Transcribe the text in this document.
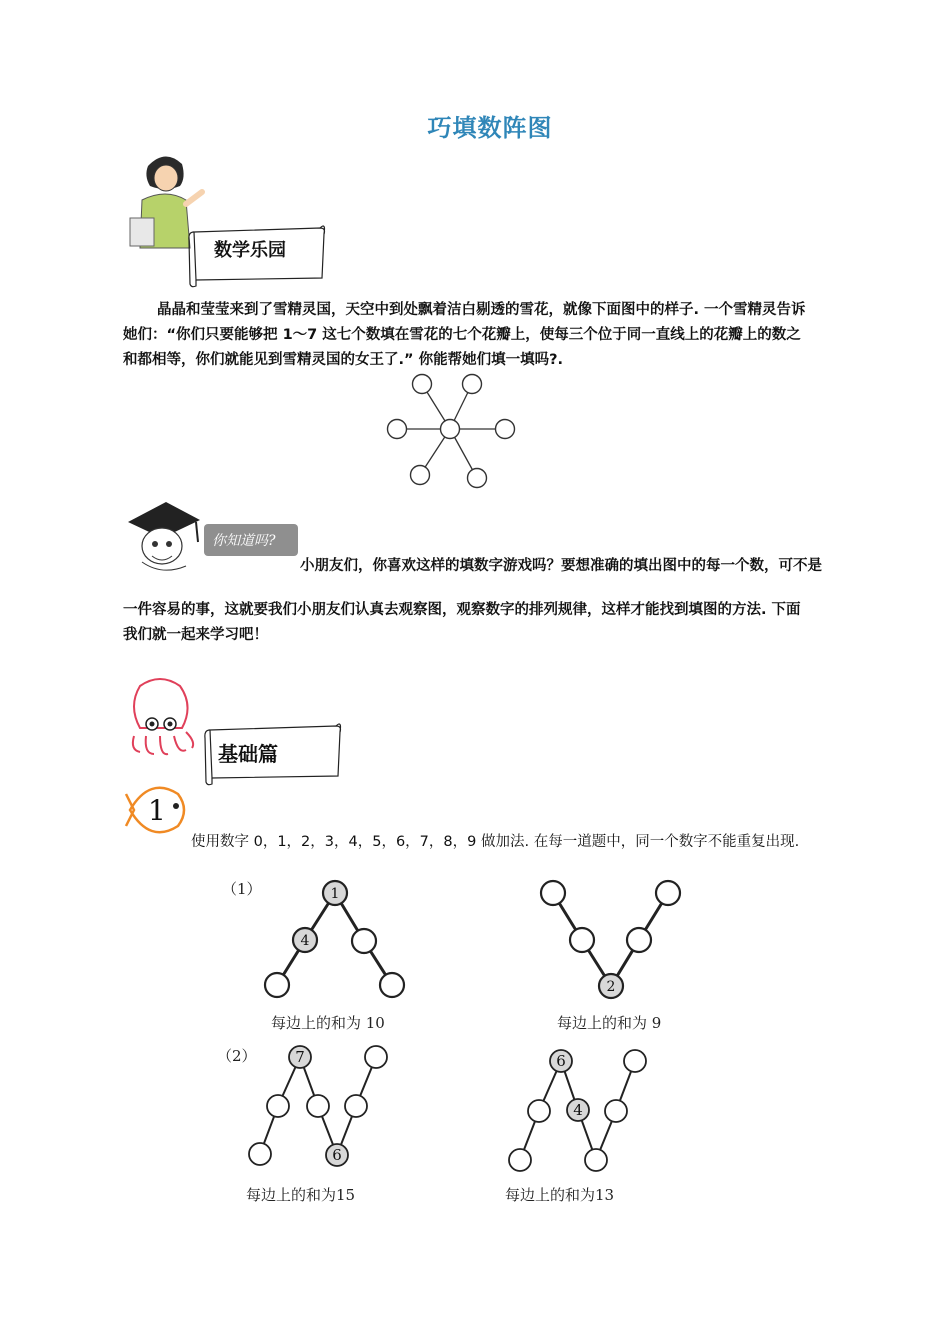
巧填数阵图
数学乐园
晶晶和莹莹来到了雪精灵国，天空中到处飘着洁白剔透的雪花，就像下面图中的样子. 一个雪精灵告诉
她们：“你们只要能够把 1～7 这七个数填在雪花的七个花瓣上，使每三个位于同一直线上的花瓣上的数之
和都相等，你们就能见到雪精灵国的女王了.” 你能帮她们填一填吗?.
你知道吗?
小朋友们，你喜欢这样的填数字游戏吗？要想准确的填出图中的每一个数，可不是
一件容易的事，这就要我们小朋友们认真去观察图，观察数字的排列规律，这样才能找到填图的方法. 下面
我们就一起来学习吧！
基础篇
1
使用数字 0，1，2，3，4，5，6，7，8，9 做加法. 在每一道题中，同一个数字不能重复出现.
（1）
（2）
1
4
2
7
6
6
4
每边上的和为 10	每边上的和为 9
每边上的和为15	每边上的和为13
